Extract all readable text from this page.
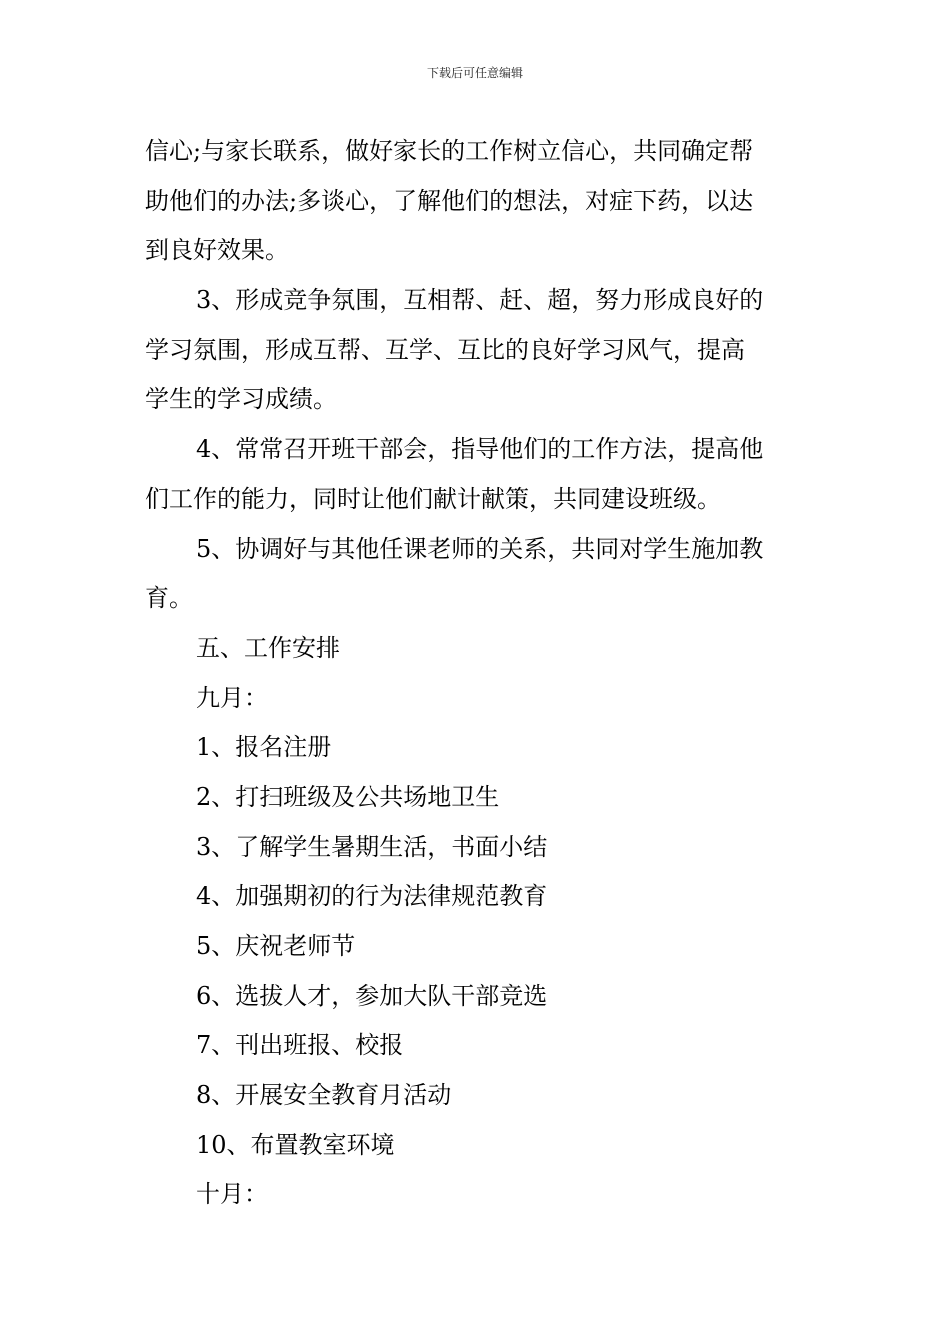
下载后可任意编辑
信心;与家长联系，做好家长的工作树立信心，共同确定帮
助他们的办法;多谈心，了解他们的想法，对症下药，以达
到良好效果。
3、形成竞争氛围，互相帮、赶、超，努力形成良好的
学习氛围，形成互帮、互学、互比的良好学习风气，提高
学生的学习成绩。
4、常常召开班干部会，指导他们的工作方法，提高他
们工作的能力，同时让他们献计献策，共同建设班级。
5、协调好与其他任课老师的关系，共同对学生施加教
育。
五、工作安排
九月：
1、报名注册
2、打扫班级及公共场地卫生
3、了解学生暑期生活，书面小结
4、加强期初的行为法律规范教育
5、庆祝老师节
6、选拔人才，参加大队干部竞选
7、刊出班报、校报
8、开展安全教育月活动
10、布置教室环境
十月：
